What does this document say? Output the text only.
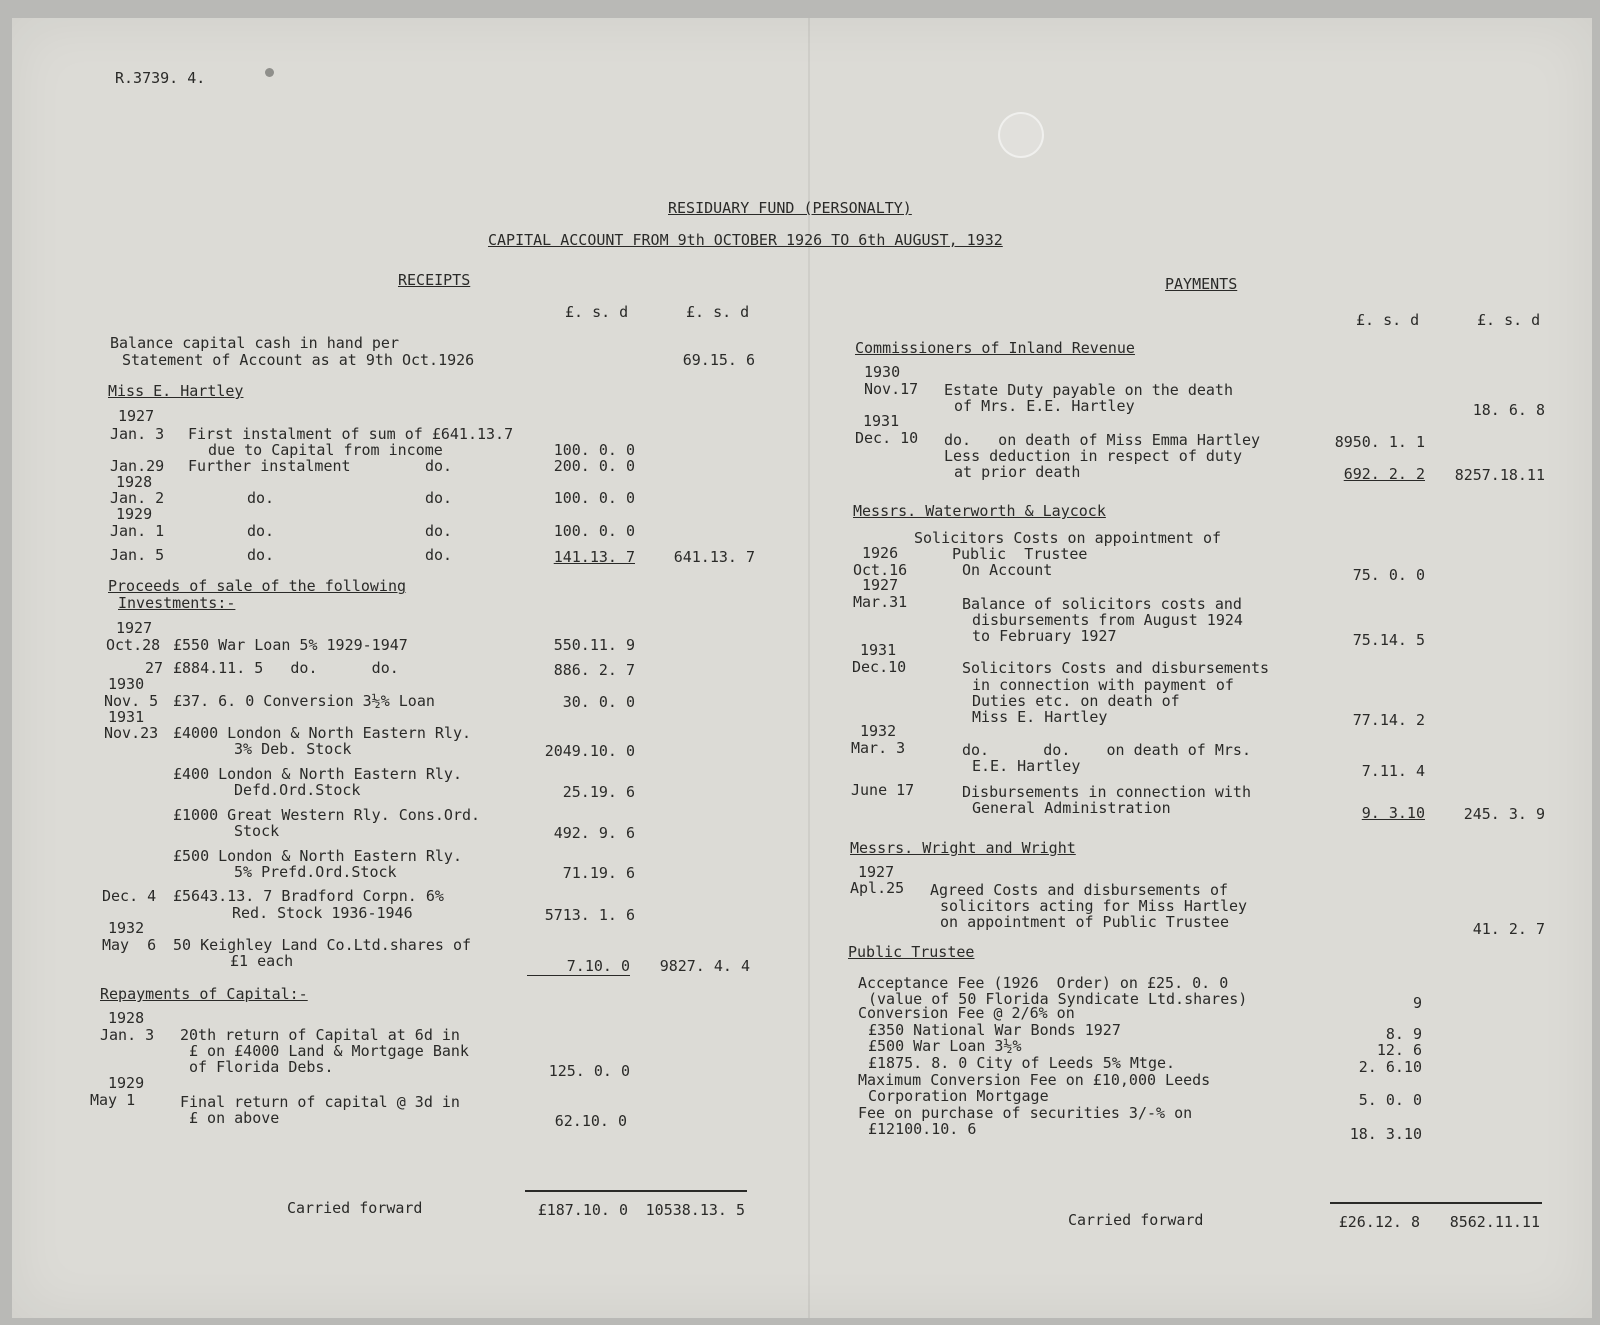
R.3739. 4.
RESIDUARY FUND (PERSONALTY)
CAPITAL ACCOUNT FROM 9th OCTOBER 1926 TO 6th AUGUST, 1932
RECEIPTS
£. s. d	£. s. d
Balance capital cash in hand per
Statement of Account as at 9th Oct.1926	69.15. 6
Miss E. Hartley
1927
Jan. 3 First instalment of sum of £641.13.7
due to Capital from income	100. 0. 0
Jan.29 Further instalment	do.	200. 0. 0
1928
Jan. 2	do.	do.	100. 0. 0
1929
Jan. 1	do.	do.	100. 0. 0
Jan. 5	do.	do.	141.13. 7	641.13. 7
Proceeds of sale of the following
Investments:-
1927
Oct.28 £550 War Loan 5% 1929-1947	550.11. 9
27 £884.11. 5   do.      do.	886. 2. 7
1930
Nov. 5 £37. 6. 0 Conversion 3½% Loan	30. 0. 0
1931
Nov.23 £4000 London & North Eastern Rly.
3% Deb. Stock	2049.10. 0
£400 London & North Eastern Rly.
Defd.Ord.Stock	25.19. 6
£1000 Great Western Rly. Cons.Ord.
Stock	492. 9. 6
£500 London & North Eastern Rly.
5% Prefd.Ord.Stock	71.19. 6
Dec. 4 £5643.13. 7 Bradford Corpn. 6%
Red. Stock 1936-1946	5713. 1. 6
1932
May  6 50 Keighley Land Co.Ltd.shares of
£1 each	7.10. 0	9827. 4. 4
Repayments of Capital:-
1928
Jan. 3 20th return of Capital at 6d in
£ on £4000 Land & Mortgage Bank
of Florida Debs.	125. 0. 0
1929
May 1	Final return of capital @ 3d in
£ on above	62.10. 0
Carried forward	£187.10. 0	10538.13. 5
PAYMENTS
£. s. d	£. s. d
Commissioners of Inland Revenue
1930
Nov.17 Estate Duty payable on the death
of Mrs. E.E. Hartley	18. 6. 8
1931
Dec. 10 do.   on death of Miss Emma Hartley	8950. 1. 1
Less deduction in respect of duty
at prior death	692. 2. 2	8257.18.11
Messrs. Waterworth & Laycock
Solicitors Costs on appointment of
1926	Public  Trustee
Oct.16	On Account	75. 0. 0
1927
Mar.31	Balance of solicitors costs and
disbursements from August 1924
to February 1927	75.14. 5
1931
Dec.10	Solicitors Costs and disbursements
in connection with payment of
Duties etc. on death of
Miss E. Hartley	77.14. 2
1932
Mar. 3	do.      do.    on death of Mrs.
E.E. Hartley	7.11. 4
June 17	Disbursements in connection with
General Administration	9. 3.10	245. 3. 9
Messrs. Wright and Wright
1927
Apl.25 Agreed Costs and disbursements of
solicitors acting for Miss Hartley
on appointment of Public Trustee	41. 2. 7
Public Trustee
Acceptance Fee (1926  Order) on £25. 0. 0
(value of 50 Florida Syndicate Ltd.shares)	9
Conversion Fee @ 2/6% on
£350 National War Bonds 1927	8. 9
£500 War Loan 3½%	12. 6
£1875. 8. 0 City of Leeds 5% Mtge.	2. 6.10
Maximum Conversion Fee on £10,000 Leeds
Corporation Mortgage	5. 0. 0
Fee on purchase of securities 3/-% on
£12100.10. 6	18. 3.10
Carried forward	£26.12. 8	8562.11.11
